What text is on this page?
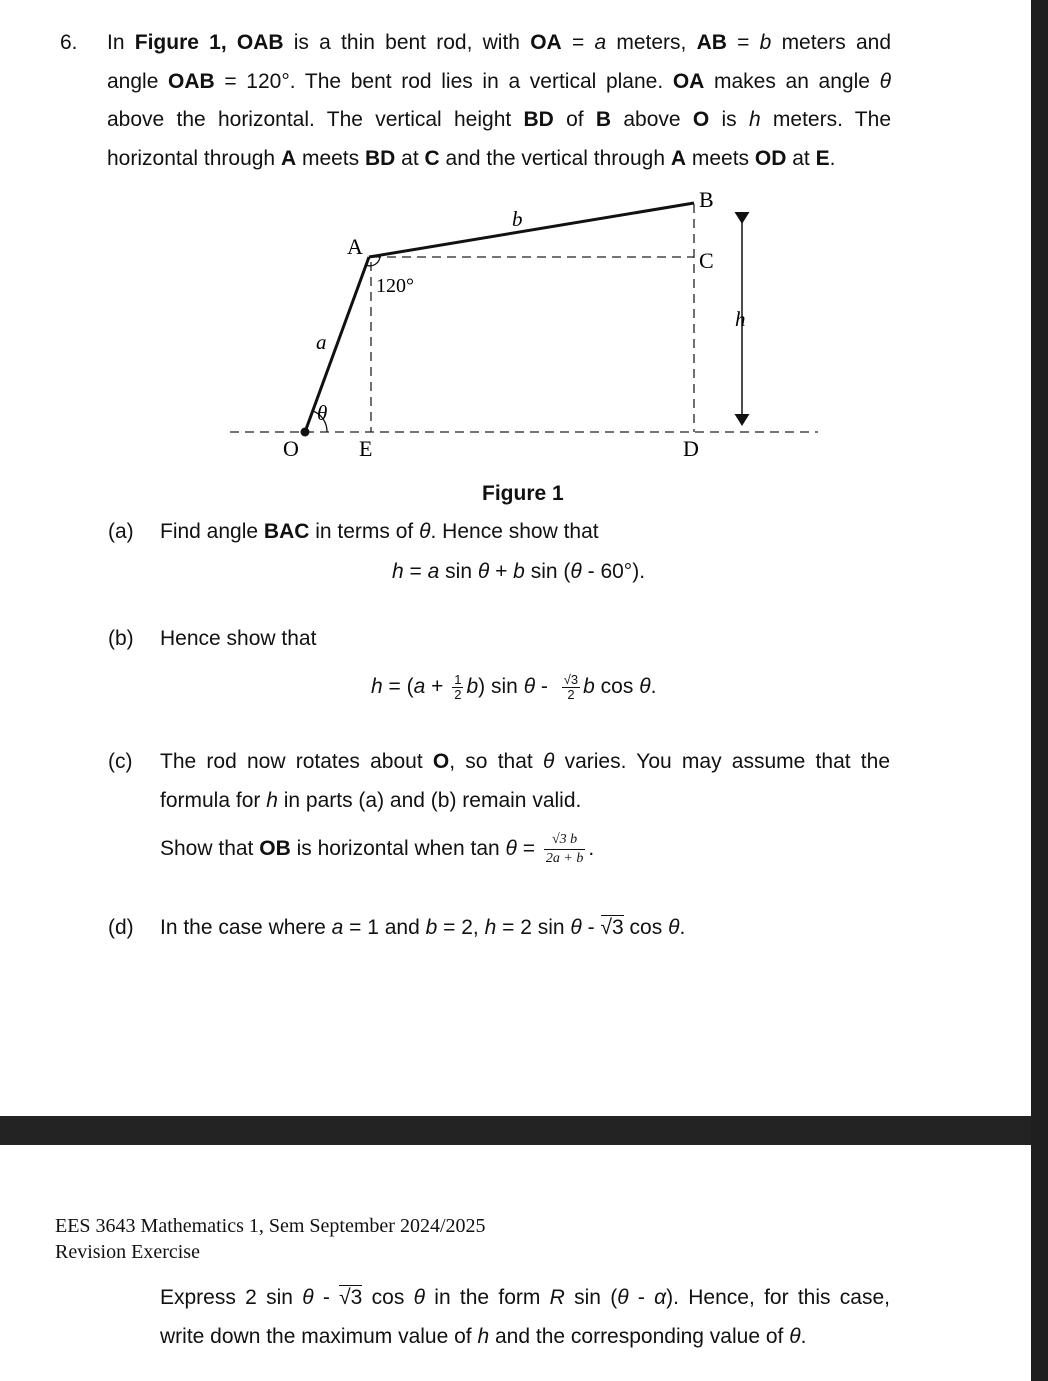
6. In Figure 1, OAB is a thin bent rod, with OA = a meters, AB = b meters and
angle OAB = 120°. The bent rod lies in a vertical plane. OA makes an angle θ
above the horizontal. The vertical height BD of B above O is h meters. The
horizontal through A meets BD at C and the vertical through A meets OD at E.
B
b
A
C
120°
h
a
θ
O	E	D
Figure 1
(a) Find angle BAC in terms of θ. Hence show that
h = a sin θ + b sin (θ - 60°).
(b) Hence show that
$h = (a + \frac{1}{2} b)$ sin θ - $\frac{√3}{2}$ b cos θ.
(c) The rod now rotates about O, so that θ varies. You may assume that the
formula for h in parts (a) and (b) remain valid.
Show that OB is horizontal when $\tan \theta = \frac{√3 b}{2a + b}$ .
(d) In the case where a = 1 and b = 2, h = 2 sin θ - √3 cos θ.
EES 3643 Mathematics 1, Sem September 2024/2025
Revision Exercise
Express 2 sin θ - √3 cos θ in the form R sin (θ - α). Hence, for this case,
write down the maximum value of h and the corresponding value of θ.
